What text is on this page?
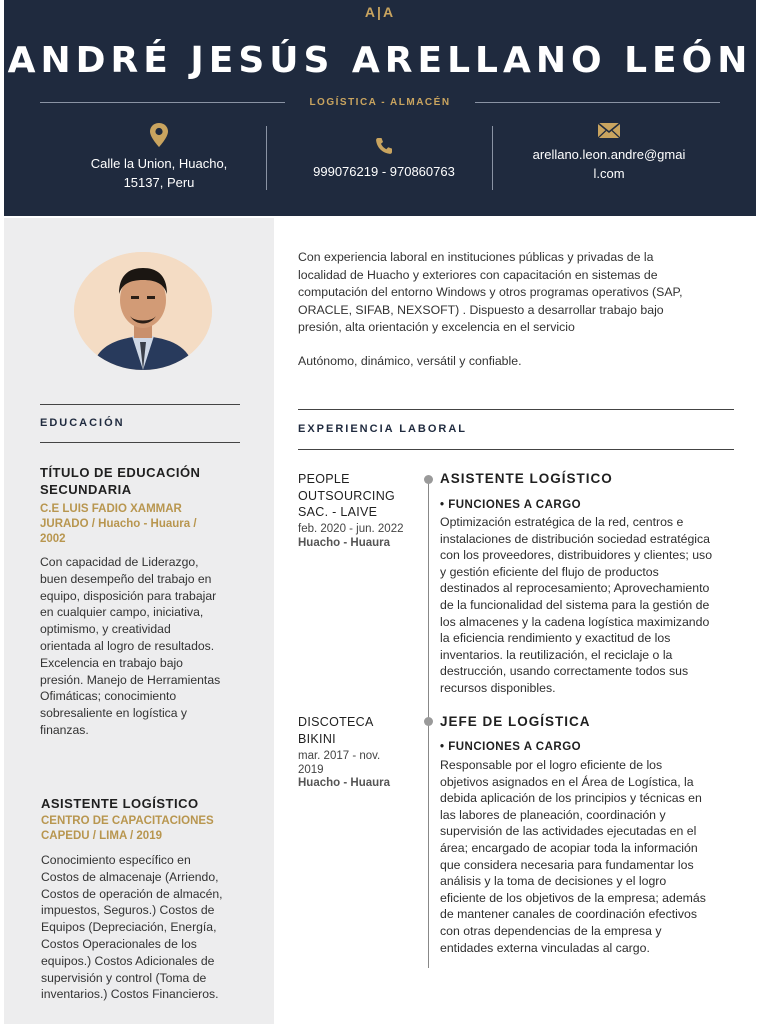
A|A
ANDRÉ JESÚS ARELLANO LEÓN
LOGÍSTICA - ALMACÉN
Calle la Union, Huacho,
15137, Peru
999076219 - 970860763
arellano.leon.andre@gmai
l.com
EDUCACIÓN
TÍTULO DE EDUCACIÓN
SECUNDARIA
C.E LUIS FADIO XAMMAR
JURADO / Huacho - Huaura /
2002
Con capacidad de Liderazgo,
buen desempeño del trabajo en
equipo, disposición para trabajar
en cualquier campo, iniciativa,
optimismo, y creatividad
orientada al logro de resultados.
Excelencia en trabajo bajo
presión. Manejo de Herramientas
Ofimáticas; conocimiento
sobresaliente en logística y
finanzas.
ASISTENTE LOGÍSTICO
CENTRO DE CAPACITACIONES
CAPEDU / LIMA / 2019
Conocimiento específico en
Costos de almacenaje (Arriendo,
Costos de operación de almacén,
impuestos, Seguros.) Costos de
Equipos (Depreciación, Energía,
Costos Operacionales de los
equipos.) Costos Adicionales de
supervisión y control (Toma de
inventarios.) Costos Financieros.
Con experiencia laboral en instituciones públicas y privadas de la
localidad de Huacho y exteriores con capacitación en sistemas de
computación del entorno Windows y otros programas operativos (SAP,
ORACLE, SIFAB, NEXSOFT) . Dispuesto a desarrollar trabajo bajo
presión, alta orientación y excelencia en el servicio
Autónomo, dinámico, versátil y confiable.
EXPERIENCIA LABORAL
PEOPLE
OUTSOURCING
SAC. - LAIVE
feb. 2020 - jun. 2022
Huacho - Huaura
ASISTENTE LOGÍSTICO
• FUNCIONES A CARGO
Optimización estratégica de la red, centros e
instalaciones de distribución sociedad estratégica
con los proveedores, distribuidores y clientes; uso
y gestión eficiente del flujo de productos
destinados al reprocesamiento; Aprovechamiento
de la funcionalidad del sistema para la gestión de
los almacenes y la cadena logística maximizando
la eficiencia rendimiento y exactitud de los
inventarios. la reutilización, el reciclaje o la
destrucción, usando correctamente todos sus
recursos disponibles.
DISCOTECA
BIKINI
mar. 2017 - nov.
2019
Huacho - Huaura
JEFE DE LOGÍSTICA
• FUNCIONES A CARGO
Responsable por el logro eficiente de los
objetivos asignados en el Área de Logística, la
debida aplicación de los principios y técnicas en
las labores de planeación, coordinación y
supervisión de las actividades ejecutadas en el
área; encargado de acopiar toda la información
que considera necesaria para fundamentar los
análisis y la toma de decisiones y el logro
eficiente de los objetivos de la empresa; además
de mantener canales de coordinación efectivos
con otras dependencias de la empresa y
entidades externa vinculadas al cargo.
